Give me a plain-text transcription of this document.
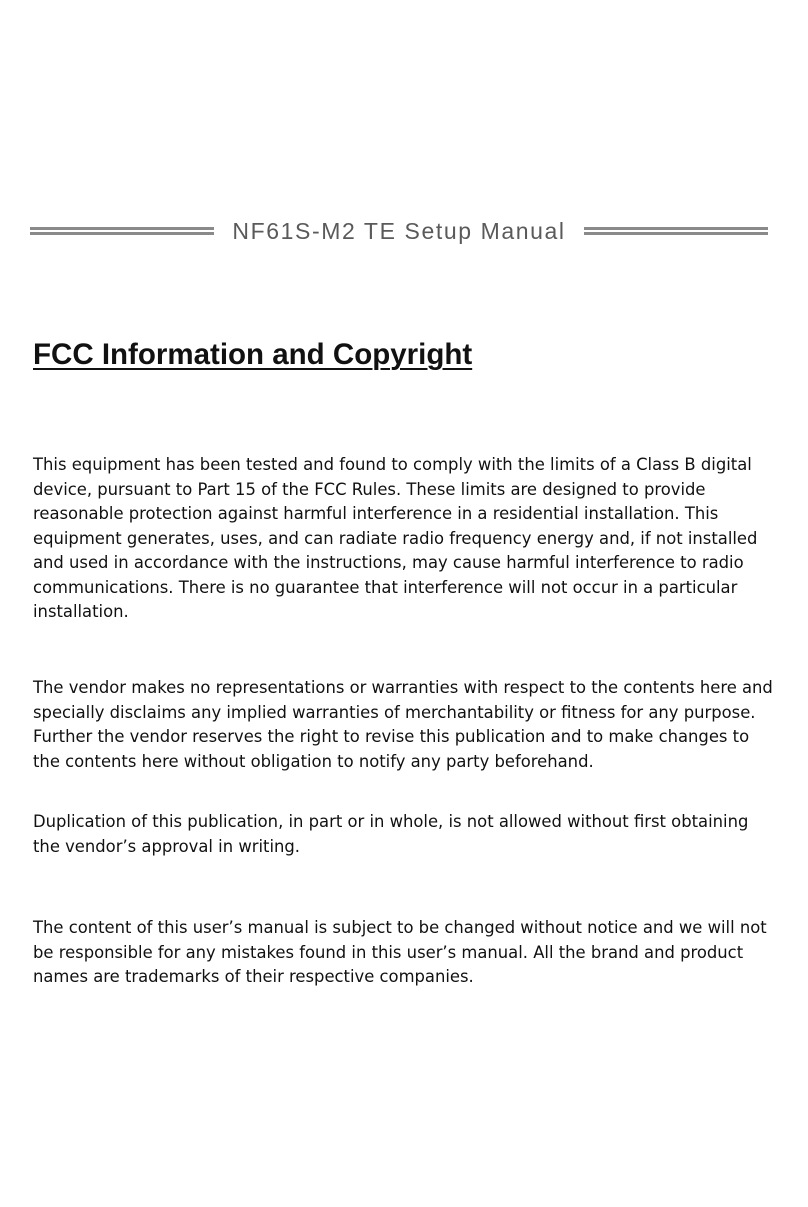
NF61S-M2 TE Setup Manual
FCC Information and Copyright

This equipment has been tested and found to comply with the limits of a Class B digital device, pursuant to Part 15 of the FCC Rules. These limits are designed to provide reasonable protection against harmful interference in a residential installation. This equipment generates, uses, and can radiate radio frequency energy and, if not installed and used in accordance with the instructions, may cause harmful interference to radio communications. There is no guarantee that interference will not occur in a particular installation.

The vendor makes no representations or warranties with respect to the contents here and specially disclaims any implied warranties of merchantability or fitness for any purpose. Further the vendor reserves the right to revise this publication and to make changes to the contents here without obligation to notify any party beforehand.

Duplication of this publication, in part or in whole, is not allowed without first obtaining the vendor’s approval in writing.

The content of this user’s manual is subject to be changed without notice and we will not be responsible for any mistakes found in this user’s manual. All the brand and product names are trademarks of their respective companies.
